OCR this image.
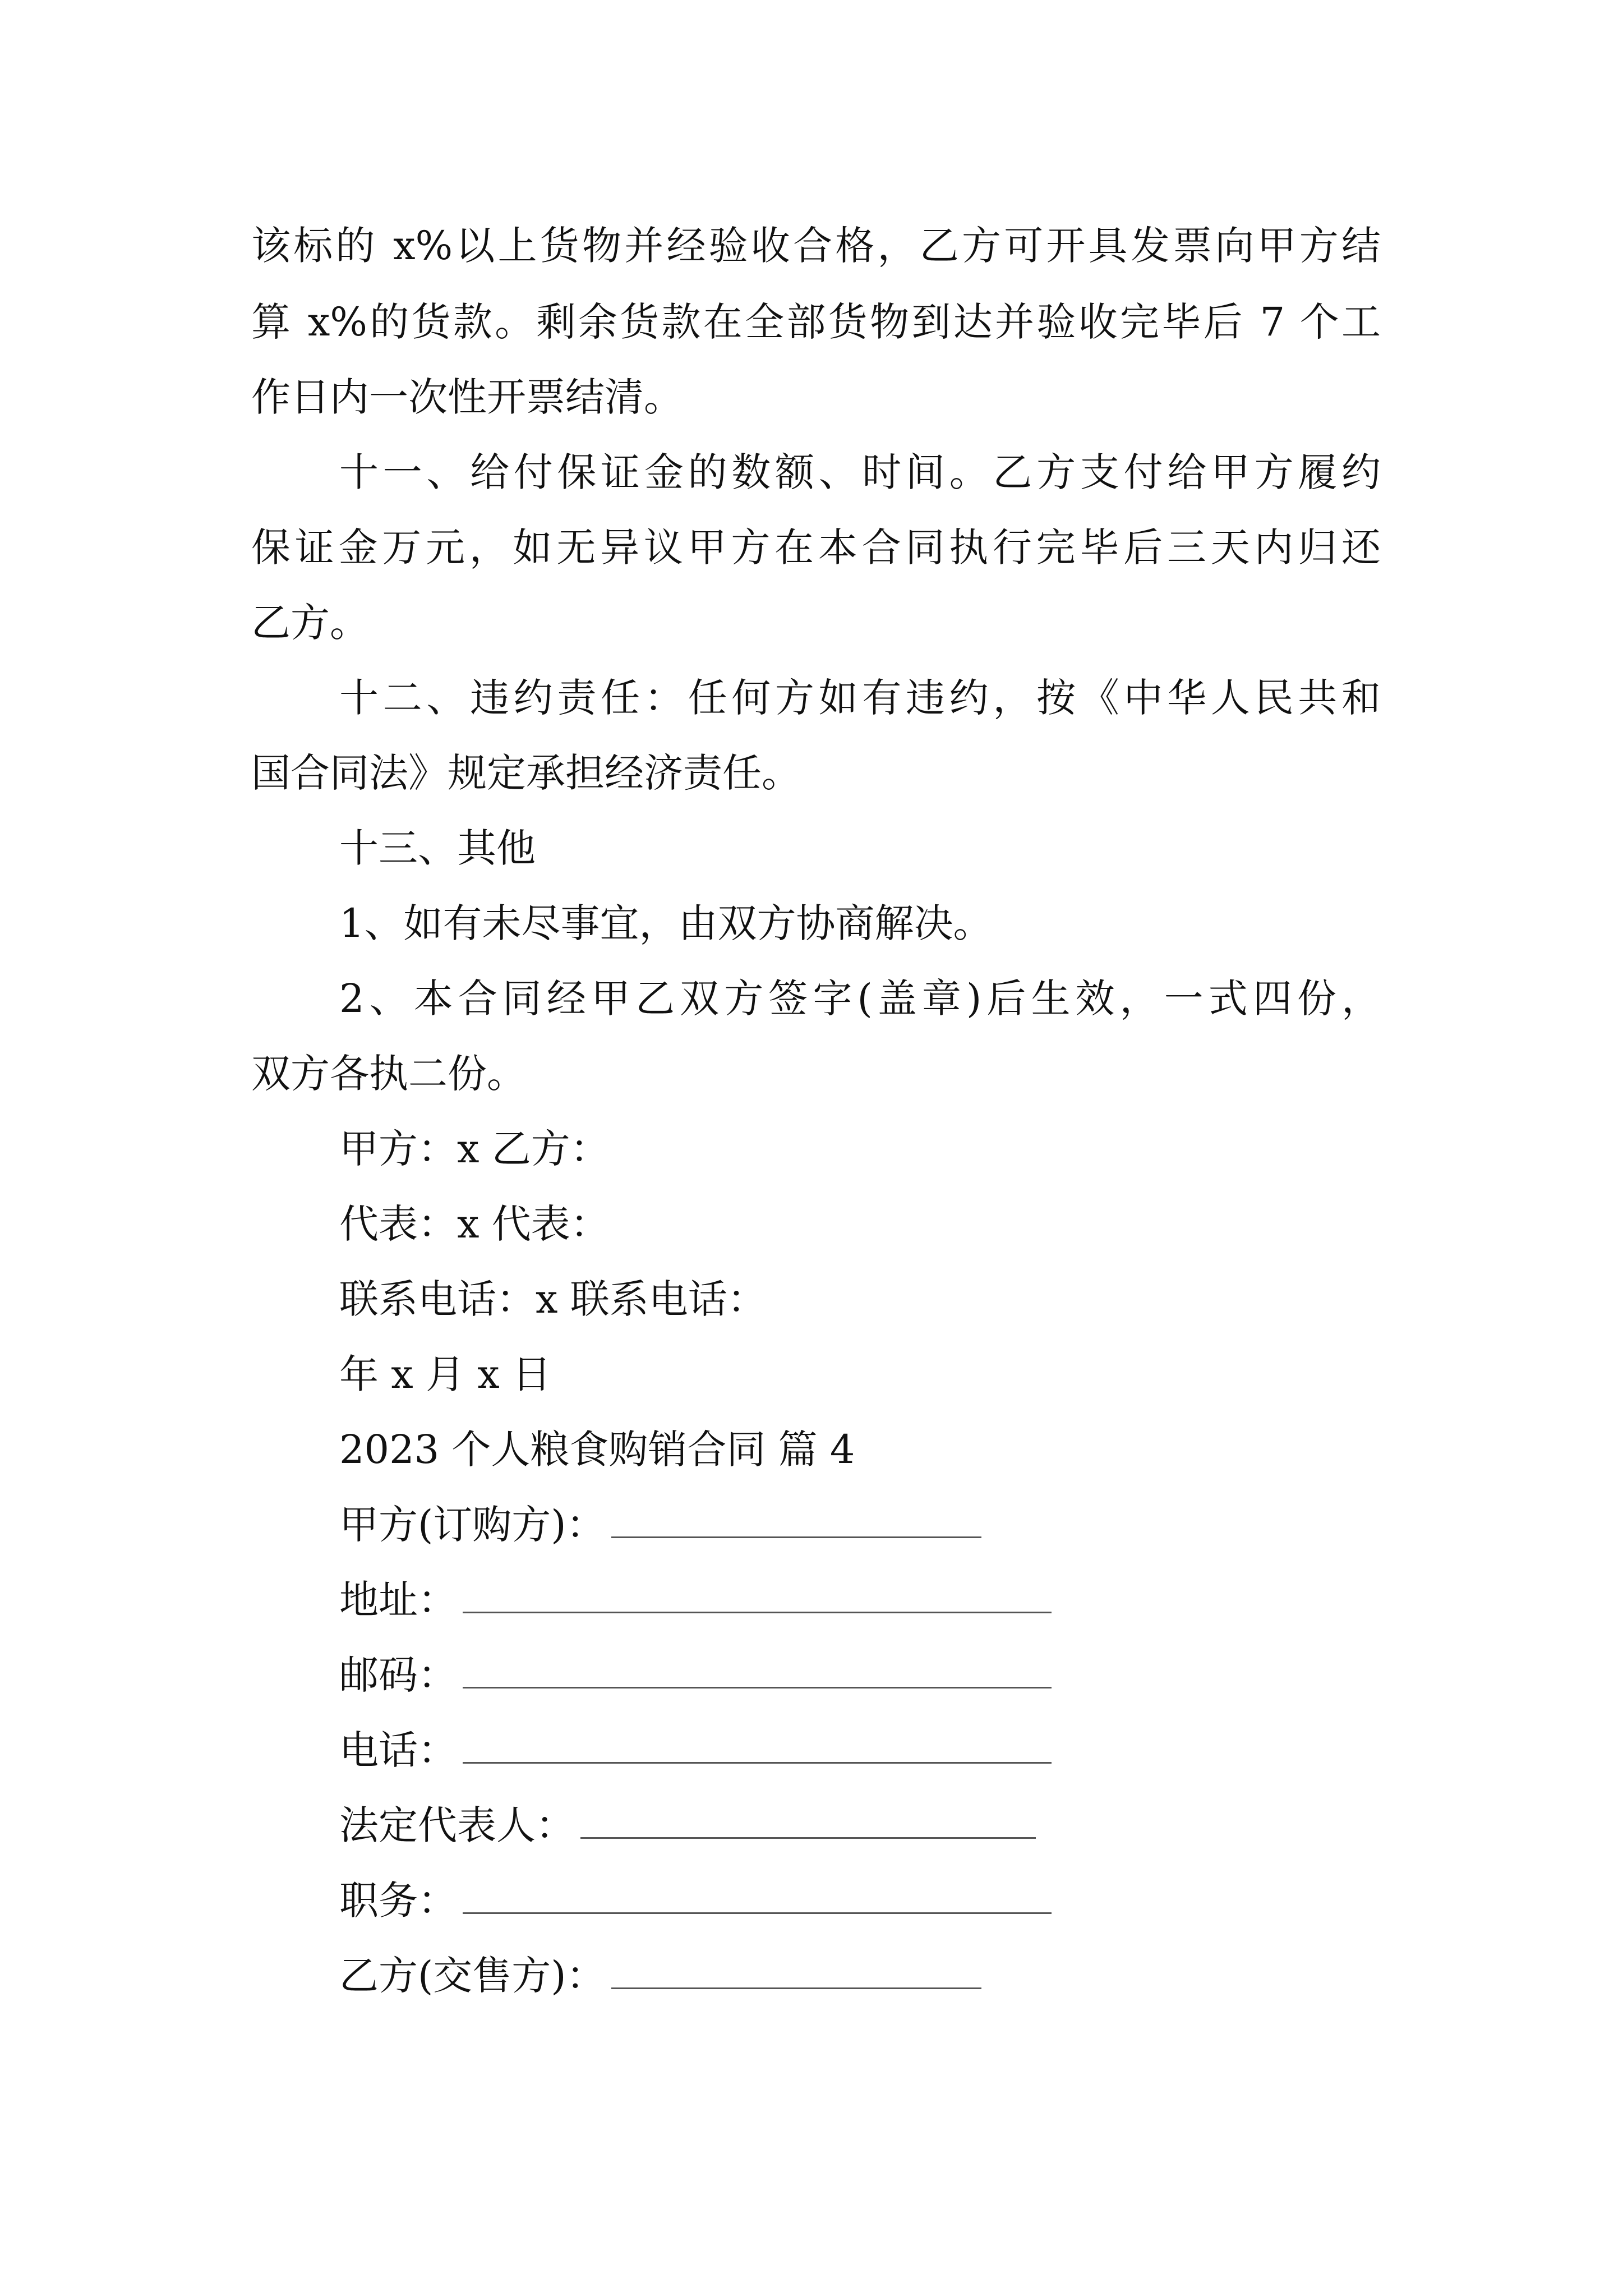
该标的 x%以上货物并经验收合格，乙方可开具发票向甲方结
算 x%的货款。剩余货款在全部货物到达并验收完毕后 7 个工
作日内一次性开票结清。
十一、给付保证金的数额、时间。乙方支付给甲方履约
保证金万元，如无异议甲方在本合同执行完毕后三天内归还
乙方。
十二、违约责任：任何方如有违约，按《中华人民共和
国合同法》规定承担经济责任。
十三、其他
1、如有未尽事宜，由双方协商解决。
2、本合同经甲乙双方签字(盖章)后生效，一式四份，
双方各执二份。
甲方：x 乙方：
代表：x 代表：
联系电话：x 联系电话：
年 x 月 x 日
2023 个人粮食购销合同 篇 4
甲方(订购方)：
地址：
邮码：
电话：
法定代表人：
职务：
乙方(交售方)：
